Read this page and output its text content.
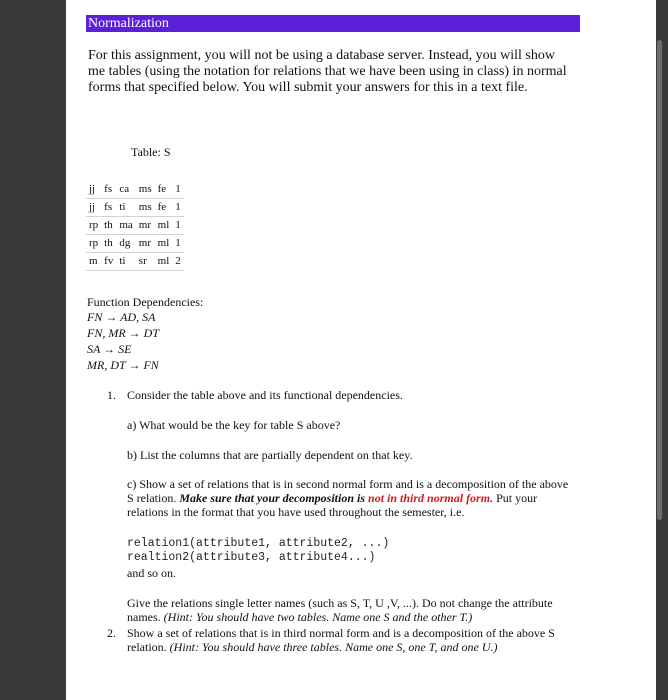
Normalization
For this assignment, you will not be using a database server. Instead, you will show me tables (using the notation for relations that we have been using in class) in normal forms that specified below. You will submit your answers for this in a text file.
Table: S
jj	fs	ca	ms	fe	1
jj	fs	ti	ms	fe	1
rp	th	ma	mr	ml	1
rp	th	dg	mr	ml	1
m	fv	ti	sr	ml	2
Function Dependencies:
FN → AD, SA
FN, MR → DT
SA → SE
MR, DT → FN
1. Consider the table above and its functional dependencies.
a) What would be the key for table S above?
b) List the columns that are partially dependent on that key.
c) Show a set of relations that is in second normal form and is a decomposition of the above S relation. Make sure that your decomposition is not in third normal form. Put your relations in the format that you have used throughout the semester, i.e.
relation1(attribute1, attribute2, ...)
realtion2(attribute3, attribute4...)
and so on.
Give the relations single letter names (such as S, T, U ,V, ...). Do not change the attribute names. (Hint: You should have two tables. Name one S and the other T.)
2. Show a set of relations that is in third normal form and is a decomposition of the above S relation. (Hint: You should have three tables. Name one S, one T, and one U.)
